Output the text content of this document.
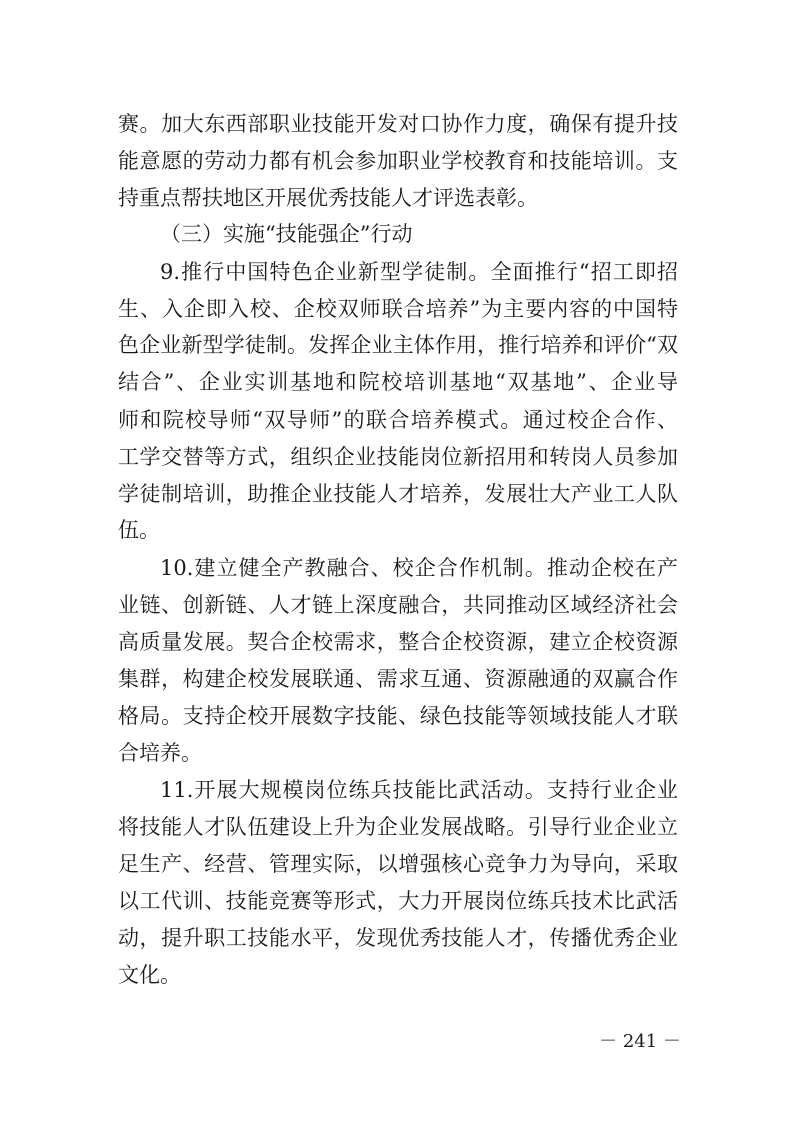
赛。加大东西部职业技能开发对口协作力度，确保有提升技
能意愿的劳动力都有机会参加职业学校教育和技能培训。支
持重点帮扶地区开展优秀技能人才评选表彰。
（三）实施“技能强企”行动
9.推行中国特色企业新型学徒制。全面推行“招工即招
生、入企即入校、企校双师联合培养”为主要内容的中国特
色企业新型学徒制。发挥企业主体作用，推行培养和评价“双
结合”、企业实训基地和院校培训基地“双基地”、企业导
师和院校导师“双导师”的联合培养模式。通过校企合作、
工学交替等方式，组织企业技能岗位新招用和转岗人员参加
学徒制培训，助推企业技能人才培养，发展壮大产业工人队
伍。
10.建立健全产教融合、校企合作机制。推动企校在产
业链、创新链、人才链上深度融合，共同推动区域经济社会
高质量发展。契合企校需求，整合企校资源，建立企校资源
集群，构建企校发展联通、需求互通、资源融通的双赢合作
格局。支持企校开展数字技能、绿色技能等领域技能人才联
合培养。
11.开展大规模岗位练兵技能比武活动。支持行业企业
将技能人才队伍建设上升为企业发展战略。引导行业企业立
足生产、经营、管理实际，以增强核心竞争力为导向，采取
以工代训、技能竞赛等形式，大力开展岗位练兵技术比武活
动，提升职工技能水平，发现优秀技能人才，传播优秀企业
文化。
－ 241 －
